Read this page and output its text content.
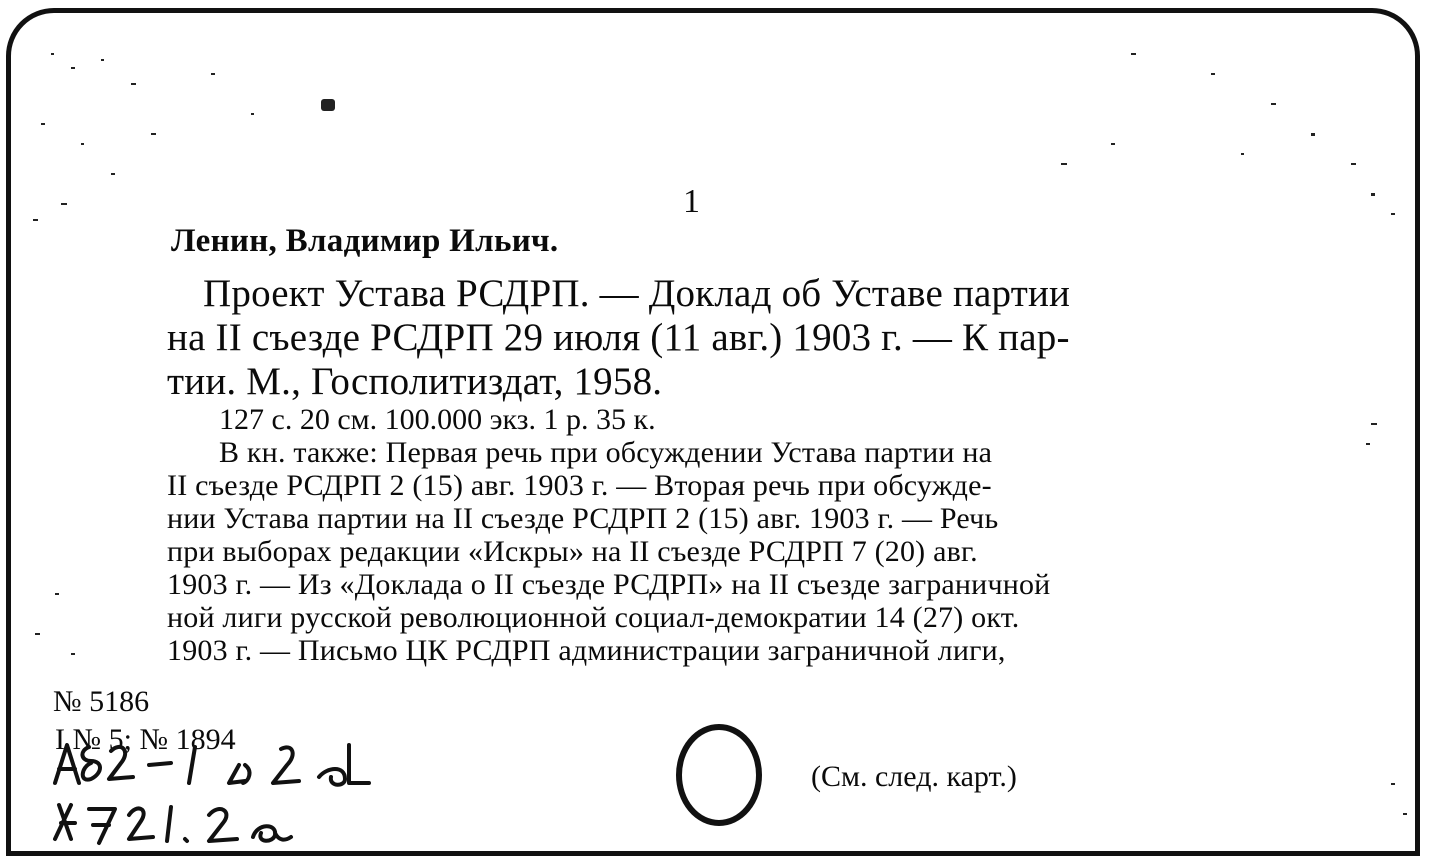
1
Ленин, Владимир Ильич.
Проект Устава РСДРП. — Доклад об Уставе партии
на II съезде РСДРП 29 июля (11 авг.) 1903 г. — К пар-
тии. М., Госполитиздат, 1958.
127 с. 20 см. 100.000 экз. 1 р. 35 к.
В кн. также: Первая речь при обсуждении Устава партии на
II съезде РСДРП 2 (15) авг. 1903 г. — Вторая речь при обсужде-
нии Устава партии на II съезде РСДРП 2 (15) авг. 1903 г. — Речь
при выборах редакции «Искры» на II съезде РСДРП 7 (20) авг.
1903 г. — Из «Доклада о II съезде РСДРП» на II съезде заграничной
ной лиги русской революционной социал-демократии 14 (27) окт.
1903 г. — Письмо ЦК РСДРП администрации заграничной лиги,
№ 5186
I № 5; № 1894
(См. след. карт.)
